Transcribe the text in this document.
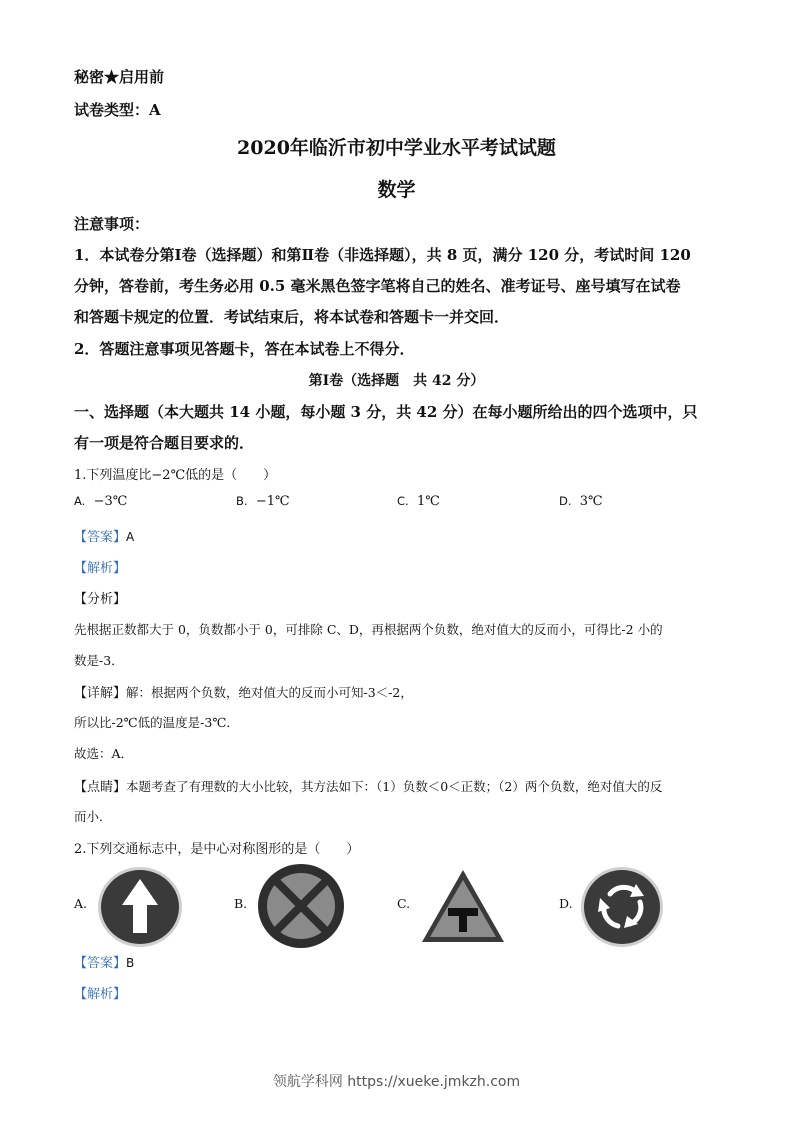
秘密★启用前
试卷类型：A
2020年临沂市初中学业水平考试试题
数学
注意事项：
1．本试卷分第Ⅰ卷（选择题）和第Ⅱ卷（非选择题），共 8 页，满分 120 分，考试时间 120
分钟，答卷前，考生务必用 0.5 毫米黑色签字笔将自己的姓名、准考证号、座号填写在试卷
和答题卡规定的位置．考试结束后，将本试卷和答题卡一并交回．
2．答题注意事项见答题卡，答在本试卷上不得分．
第Ⅰ卷（选择题　共 42 分）
一、选择题（本大题共 14 小题，每小题 3 分，共 42 分）在每小题所给出的四个选项中，只
有一项是符合题目要求的．
1.下列温度比−2℃低的是（　　）
A. −3℃	B. −1℃	C. 1℃	D. 3℃
【答案】A
【解析】
【分析】
先根据正数都大于 0，负数都小于 0，可排除 C、D，再根据两个负数，绝对值大的反而小，可得比-2 小的
数是-3．
【详解】解：根据两个负数，绝对值大的反而小可知-3＜-2，
所以比-2℃低的温度是-3℃．
故选：A．
【点睛】本题考查了有理数的大小比较，其方法如下：（1）负数＜0＜正数；（2）两个负数，绝对值大的反
而小．
2.下列交通标志中，是中心对称图形的是（　　）
A.	B.	C.	D.
【答案】B
【解析】
领航学科网 https://xueke.jmkzh.com
